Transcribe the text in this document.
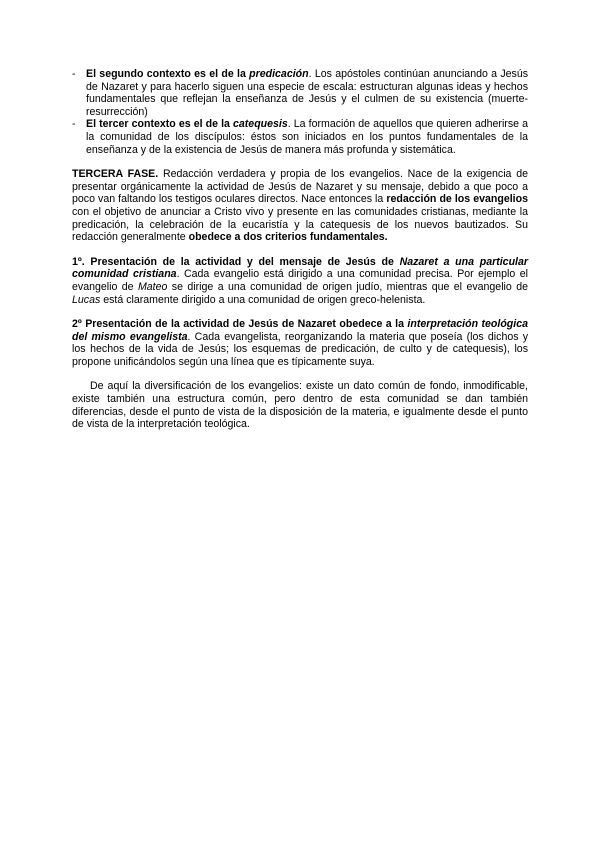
- El segundo contexto es el de la predicación. Los apóstoles continúan anunciando a Jesús de Nazaret y para hacerlo siguen una especie de escala: estructuran algunas ideas y hechos fundamentales que reflejan la enseñanza de Jesús y el culmen de su existencia (muerte-resurrección)
- El tercer contexto es el de la catequesis. La formación de aquellos que quieren adherirse a la comunidad de los discípulos: éstos son iniciados en los puntos fundamentales de la enseñanza y de la existencia de Jesús de manera más profunda y sistemática.

TERCERA FASE. Redacción verdadera y propia de los evangelios. Nace de la exigencia de presentar orgánicamente la actividad de Jesús de Nazaret y su mensaje, debido a que poco a poco van faltando los testigos oculares directos. Nace entonces la redacción de los evangelios con el objetivo de anunciar a Cristo vivo y presente en las comunidades cristianas, mediante la predicación, la celebración de la eucaristía y la catequesis de los nuevos bautizados. Su redacción generalmente obedece a dos criterios fundamentales.

1º. Presentación de la actividad y del mensaje de Jesús de Nazaret a una particular comunidad cristiana. Cada evangelio está dirigido a una comunidad precisa. Por ejemplo el evangelio de Mateo se dirige a una comunidad de origen judío, mientras que el evangelio de Lucas está claramente dirigido a una comunidad de origen greco-helenista.

2º Presentación de la actividad de Jesús de Nazaret obedece a la interpretación teológica del mismo evangelista. Cada evangelista, reorganizando la materia que poseía (los dichos y los hechos de la vida de Jesús; los esquemas de predicación, de culto y de catequesis), los propone unificándolos según una línea que es típicamente suya.

De aquí la diversificación de los evangelios: existe un dato común de fondo, inmodificable, existe también una estructura común, pero dentro de esta comunidad se dan también diferencias, desde el punto de vista de la disposición de la materia, e igualmente desde el punto de vista de la interpretación teológica.
